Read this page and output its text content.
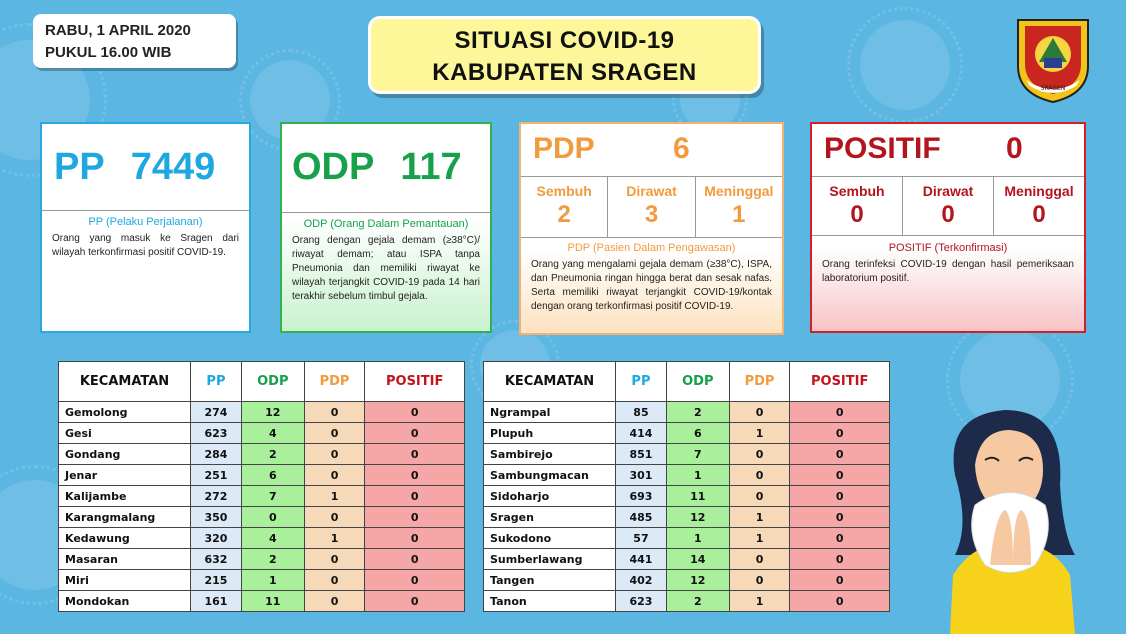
RABU, 1 APRIL 2020
PUKUL 16.00 WIB	SITUASI COVID-19
KABUPATEN SRAGEN
SRAGEN
PP 7449
PP (Pelaku Perjalanan)
Orang yang masuk ke Sragen dari wilayah terkonfirmasi positif COVID-19.
ODP 117
ODP (Orang Dalam Pemantauan)
Orang dengan gejala demam (≥38°C)/ riwayat demam; atau ISPA tanpa Pneumonia dan memiliki riwayat ke wilayah terjangkit COVID-19 pada 14 hari terakhir sebelum timbul gejala.
PDP	6
Sembuh
2
Dirawat
3
Meninggal
1
PDP (Pasien Dalam Pengawasan)
Orang yang mengalami gejala demam (≥38°C), ISPA, dan Pneumonia ringan hingga berat dan sesak nafas. Serta memiliki riwayat terjangkit COVID-19/kontak dengan orang terkonfirmasi positif COVID-19.
POSITIF 0
Sembuh
0
Dirawat
0
Meninggal
0
POSITIF (Terkonfirmasi)
Orang terinfeksi COVID-19 dengan hasil pemeriksaan laboratorium positif.
KECAMATAN	PP	ODP	PDP	POSITIF
Gemolong	274	12	0	0
Gesi	623	4	0	0
Gondang	284	2	0	0
Jenar	251	6	0	0
Kalijambe	272	7	1	0
Karangmalang	350	0	0	0
Kedawung	320	4	1	0
Masaran	632	2	0	0
Miri	215	1	0	0
Mondokan	161	11	0	0
KECAMATAN	PP	ODP	PDP	POSITIF
Ngrampal	85	2	0	0
Plupuh	414	6	1	0
Sambirejo	851	7	0	0
Sambungmacan	301	1	0	0
Sidoharjo	693	11	0	0
Sragen	485	12	1	0
Sukodono	57	1	1	0
Sumberlawang	441	14	0	0
Tangen	402	12	0	0
Tanon	623	2	1	0
